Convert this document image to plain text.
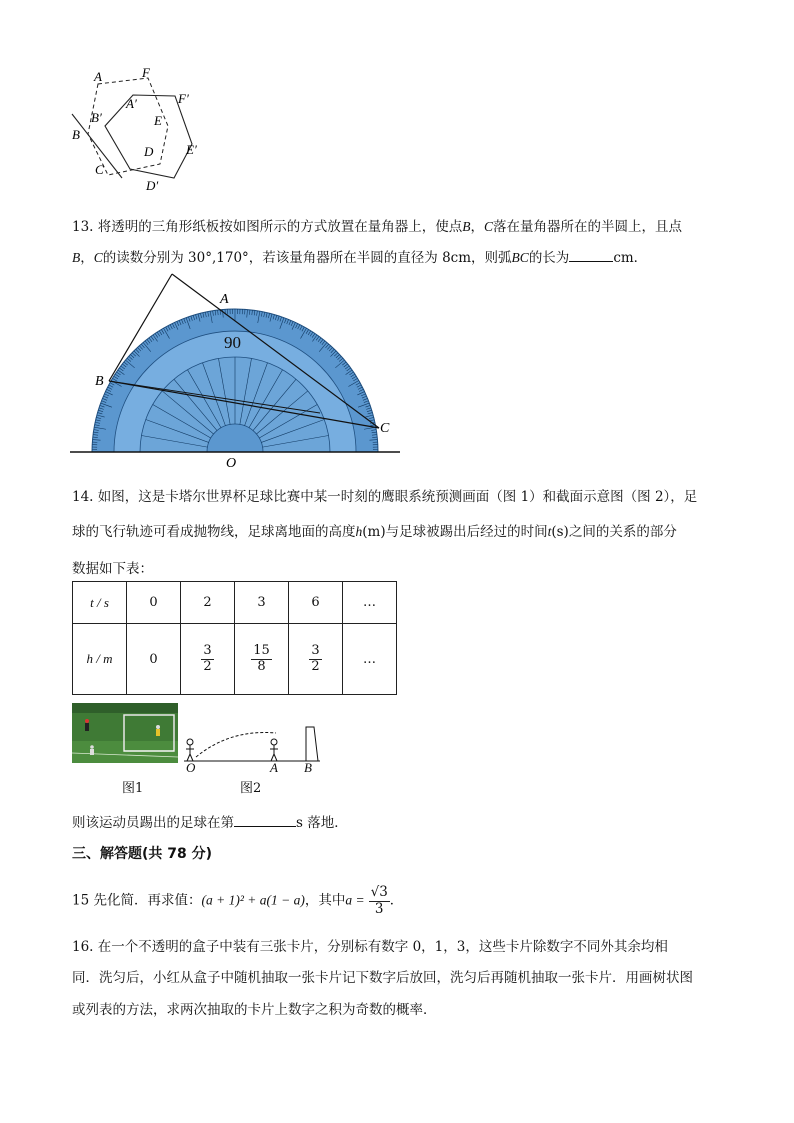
A	F
A′	F′
B′	E
B
D	E′
C
D′
13. 将透明的三角形纸板按如图所示的方式放置在量角器上，使点B，C落在量角器所在的半圆上，且点
B，C的读数分别为 30°,170°，若该量角器所在半圆的直径为 8cm，则弧BC的长为	cm．
90
A
B
C
O
14. 如图，这是卡塔尔世界杯足球比赛中某一时刻的鹰眼系统预测画面（图 1）和截面示意图（图 2），足
球的飞行轨迹可看成抛物线，足球离地面的高度h(m)与足球被踢出后经过的时间t(s)之间的关系的部分
数据如下表：
t / s	0	2	3	6	…
h / m	0	$\frac{3}{2}$	$\frac{15}{8}$	$\frac{3}{2}$	…
O	A B
图1	图2
则该运动员踢出的足球在第	s 落地．
三、解答题(共 78 分)
15 先化简．再求值：(a + 1)² + a(1 − a)，其中$a = \frac{√3}{3}$ ．
16. 在一个不透明的盒子中装有三张卡片，分别标有数字 0，1，3，这些卡片除数字不同外其余均相
同．洗匀后，小红从盒子中随机抽取一张卡片记下数字后放回，洗匀后再随机抽取一张卡片．用画树状图
或列表的方法，求两次抽取的卡片上数字之积为奇数的概率．
